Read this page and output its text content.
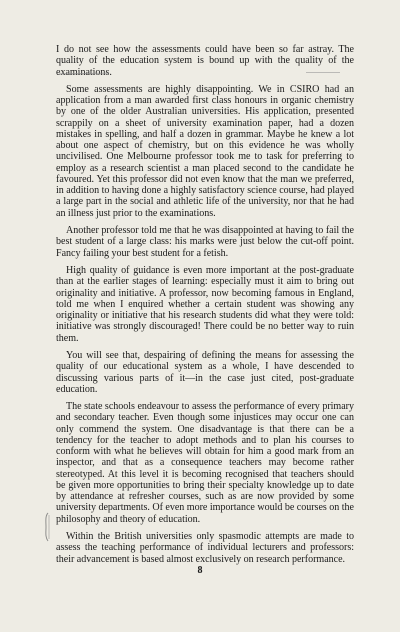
I do not see how the assessments could have been so far astray. The quality of the education system is bound up with the quality of the examinations.

Some assessments are highly disappointing. We in CSIRO had an application from a man awarded first class honours in organic chemistry by one of the older Australian universities. His application, presented scrappily on a sheet of university examination paper, had a dozen mistakes in spelling, and half a dozen in grammar. Maybe he knew a lot about one aspect of chemistry, but on this evidence he was wholly uncivilised. One Melbourne professor took me to task for preferring to employ as a research scientist a man placed second to the candidate he favoured. Yet this professor did not even know that the man we preferred, in addition to having done a highly satisfactory science course, had played a large part in the social and athletic life of the university, nor that he had an illness just prior to the examinations.

Another professor told me that he was disappointed at having to fail the best student of a large class: his marks were just below the cut-off point. Fancy failing your best student for a fetish.

High quality of guidance is even more important at the post-graduate than at the earlier stages of learning: especially must it aim to bring out originality and initiative. A professor, now becoming famous in England, told me when I enquired whether a certain student was showing any originality or initiative that his research students did what they were told: initiative was strongly discouraged! There could be no better way to ruin them.

You will see that, despairing of defining the means for assessing the quality of our educational system as a whole, I have descended to discussing various parts of it—in the case just cited, post-graduate education.

The state schools endeavour to assess the performance of every primary and secondary teacher. Even though some injustices may occur one can only commend the system. One disadvantage is that there can be a tendency for the teacher to adopt methods and to plan his courses to conform with what he believes will obtain for him a good mark from an inspector, and that as a consequence teachers may become rather stereotyped. At this level it is becoming recognised that teachers should be given more opportunities to bring their specialty knowledge up to date by attendance at refresher courses, such as are now provided by some university departments. Of even more importance would be courses on the philosophy and theory of education.

Within the British universities only spasmodic attempts are made to assess the teaching performance of individual lecturers and professors: their advancement is based almost exclusively on research performance.

8
